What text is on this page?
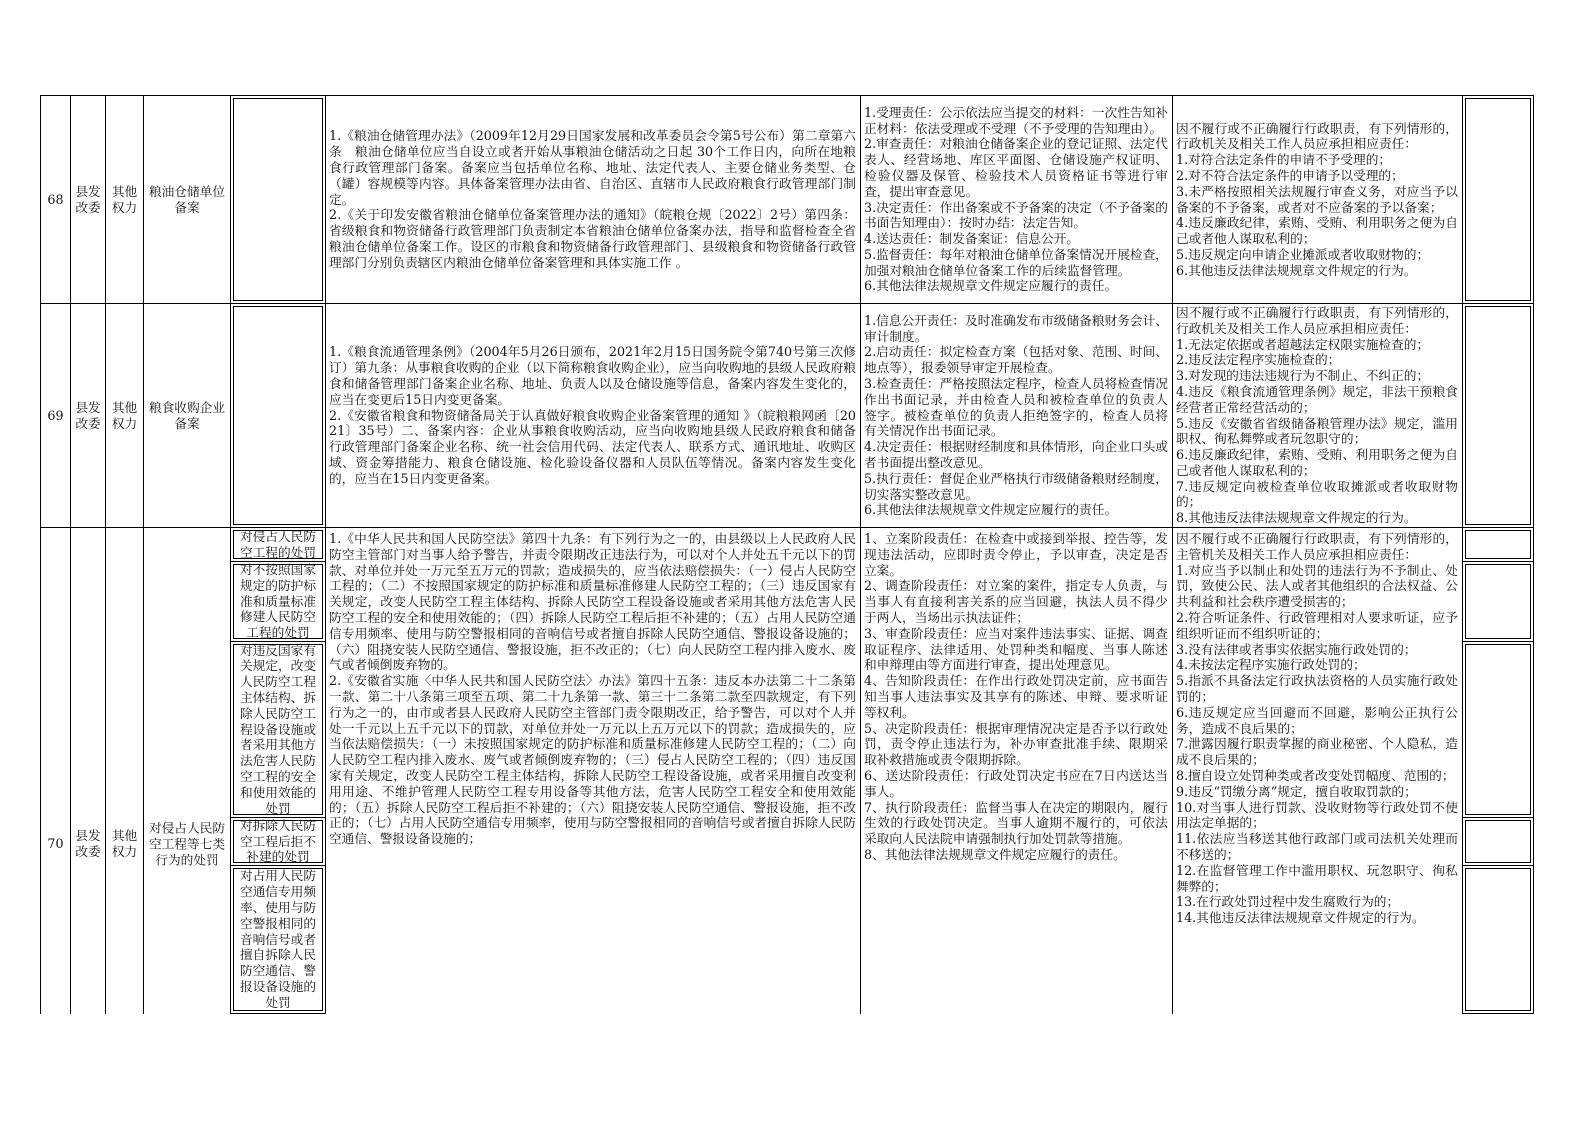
68
县发改委
其他权力
粮油仓储单位备案

1.《粮油仓储管理办法》（2009年12月29日国家发展和改革委员会令第5号公布）第二章第六条　粮油仓储单位应当自设立或者开始从事粮油仓储活动之日起 30个工作日内，向所在地粮食行政管理部门备案。备案应当包括单位名称、地址、法定代表人、主要仓储业务类型、仓（罐）容规模等内容。具体备案管理办法由省、自治区、直辖市人民政府粮食行政管理部门制定。

2.《关于印发安徽省粮油仓储单位备案管理办法的通知》（皖粮仓规〔2022〕2号）第四条：省级粮食和物资储备行政管理部门负责制定本省粮油仓储单位备案办法，指导和监督检查全省粮油仓储单位备案工作。设区的市粮食和物资储备行政管理部门、县级粮食和物资储备行政管理部门分别负责辖区内粮油仓储单位备案管理和具体实施工作 。

1.受理责任：公示依法应当提交的材料：一次性告知补正材料：依法受理或不受理（不予受理的告知理由）。

2.审查责任：对粮油仓储备案企业的登记证照、法定代表人、经营场地、库区平面图、仓储设施产权证明、检验仪器及保管、检验技术人员资格证书等进行审查，提出审查意见。

3.决定责任：作出备案或不予备案的决定（不予备案的书面告知理由）：按时办结：法定告知。

4.送达责任：制发备案证：信息公开。

5.监督责任：每年对粮油仓储单位备案情况开展检查，加强对粮油仓储单位备案工作的后续监督管理。

6.其他法律法规规章文件规定应履行的责任。

因不履行或不正确履行行政职责，有下列情形的，行政机关及相关工作人员应承担相应责任：

1.对符合法定条件的申请不予受理的；

2.对不符合法定条件的申请予以受理的；

3.未严格按照相关法规履行审查义务，对应当予以备案的不予备案，或者对不应备案的予以备案；

4.违反廉政纪律，索贿、受贿、利用职务之便为自己或者他人谋取私利的；

5.违反规定向申请企业摊派或者收取财物的；

6.其他违反法律法规规章文件规定的行为。

69
县发改委
其他权力
粮食收购企业备案

1.《粮食流通管理条例》（2004年5月26日颁布，2021年2月15日国务院令第740号第三次修订）第九条：从事粮食收购的企业（以下简称粮食收购企业），应当向收购地的县级人民政府粮食和储备管理部门备案企业名称、地址、负责人以及仓储设施等信息，备案内容发生变化的，应当在变更后15日内变更备案。

2.《安徽省粮食和物资储备局关于认真做好粮食收购企业备案管理的通知 》（皖粮粮网函〔2021〕35号）二、备案内容：企业从事粮食收购活动，应当向收购地县级人民政府粮食和储备行政管理部门备案企业名称、统一社会信用代码、法定代表人、联系方式、通讯地址、收购区域、资金筹措能力、粮食仓储设施、检化验设备仪器和人员队伍等情况。备案内容发生变化的，应当在15日内变更备案。

1.信息公开责任：及时准确发布市级储备粮财务会计、审计制度。

2.启动责任：拟定检查方案（包括对象、范围、时间、地点等），报委领导审定开展检查。

3.检查责任：严格按照法定程序，检查人员将检查情况作出书面记录，并由检查人员和被检查单位的负责人签字。被检查单位的负责人拒绝签字的，检查人员将有关情况作出书面记录。

4.决定责任：根据财经制度和具体情形，向企业口头或者书面提出整改意见。

5.执行责任：督促企业严格执行市级储备粮财经制度，切实落实整改意见。

6.其他法律法规规章文件规定应履行的责任。

因不履行或不正确履行行政职责，有下列情形的，行政机关及相关工作人员应承担相应责任：

1.无法定依据或者超越法定权限实施检查的；

2.违反法定程序实施检查的；

3.对发现的违法违规行为不制止、不纠正的；

4.违反《粮食流通管理条例》规定，非法干预粮食经营者正常经营活动的；

5.违反《安徽省省级储备粮管理办法》规定，滥用职权、徇私舞弊或者玩忽职守的；

6.违反廉政纪律，索贿、受贿、利用职务之便为自己或者他人谋取私利的；

7.违反规定向被检查单位收取摊派或者收取财物的；

8.其他违反法律法规规章文件规定的行为。

70
县发改委
其他权力
对侵占人民防空工程等七类行为的处罚
对侵占人民防空工程的处罚
对不按照国家规定的防护标准和质量标准修建人民防空工程的处罚
对违反国家有关规定，改变人民防空工程主体结构、拆除人民防空工程设备设施或者采用其他方法危害人民防空工程的安全和使用效能的处罚
对拆除人民防空工程后拒不补建的处罚
对占用人民防空通信专用频率、使用与防空警报相同的音响信号或者擅自拆除人民防空通信、警报设备设施的处罚

1.《中华人民共和国人民防空法》第四十九条：有下列行为之一的，由县级以上人民政府人民防空主管部门对当事人给予警告，并责令限期改正违法行为，可以对个人并处五千元以下的罚款、对单位并处一万元至五万元的罚款；造成损失的，应当依法赔偿损失：（一）侵占人民防空工程的；（二）不按照国家规定的防护标准和质量标准修建人民防空工程的；（三）违反国家有关规定，改变人民防空工程主体结构、拆除人民防空工程设备设施或者采用其他方法危害人民防空工程的安全和使用效能的；（四）拆除人民防空工程后拒不补建的；（五）占用人民防空通信专用频率、使用与防空警报相同的音响信号或者擅自拆除人民防空通信、警报设备设施的；（六）阻挠安装人民防空通信、警报设施，拒不改正的；（七）向人民防空工程内排入废水、废气或者倾倒废弃物的。

2.《安徽省实施〈中华人民共和国人民防空法〉办法》第四十五条：违反本办法第二十二条第一款、第二十八条第三项至五项、第二十九条第一款、第三十二条第二款至四款规定，有下列行为之一的，由市或者县人民政府人民防空主管部门责令限期改正，给予警告，可以对个人并处一千元以上五千元以下的罚款，对单位并处一万元以上五万元以下的罚款；造成损失的，应当依法赔偿损失：（一）未按照国家规定的防护标准和质量标准修建人民防空工程的；（二）向人民防空工程内排入废水、废气或者倾倒废弃物的；（三）侵占人民防空工程的；（四）违反国家有关规定，改变人民防空工程主体结构，拆除人民防空工程设备设施，或者采用擅自改变利用用途、不维护管理人民防空工程专用设备等其他方法，危害人民防空工程安全和使用效能的；（五）拆除人民防空工程后拒不补建的；（六）阻挠安装人民防空通信、警报设施，拒不改正的；（七）占用人民防空通信专用频率，使用与防空警报相同的音响信号或者擅自拆除人民防空通信、警报设备设施的；

1、立案阶段责任：在检查中或接到举报、控告等，发现违法活动，应即时责令停止，予以审查，决定是否立案。

2、调查阶段责任：对立案的案件，指定专人负责，与当事人有直接利害关系的应当回避，执法人员不得少于两人，当场出示执法证件；

3、审查阶段责任：应当对案件违法事实、证据、调查取证程序、法律适用、处罚种类和幅度、当事人陈述和申辩理由等方面进行审查，提出处理意见。

4、告知阶段责任：在作出行政处罚决定前，应书面告知当事人违法事实及其享有的陈述、申辩、要求听证等权利。

5、决定阶段责任：根据审理情况决定是否予以行政处罚，责令停止违法行为，补办审查批准手续、限期采取补救措施或责令限期拆除。

6、送达阶段责任：行政处罚决定书应在7日内送达当事人。

7、执行阶段责任：监督当事人在决定的期限内，履行生效的行政处罚决定。当事人逾期不履行的，可依法采取向人民法院申请强制执行加处罚款等措施。

8、其他法律法规规章文件规定应履行的责任。

因不履行或不正确履行行政职责，有下列情形的，主管机关及相关工作人员应承担相应责任：

1.对应当予以制止和处罚的违法行为不予制止、处罚，致使公民、法人或者其他组织的合法权益、公共利益和社会秩序遭受损害的；

2.符合听证条件、行政管理相对人要求听证，应予组织听证而不组织听证的；

3.没有法律或者事实依据实施行政处罚的；

4.未按法定程序实施行政处罚的；

5.指派不具备法定行政执法资格的人员实施行政处罚的；

6.违反规定应当回避而不回避，影响公正执行公务，造成不良后果的；

7.泄露因履行职责掌握的商业秘密、个人隐私，造成不良后果的；

8.擅自设立处罚种类或者改变处罚幅度、范围的；

9.违反“罚缴分离”规定，擅自收取罚款的；

10.对当事人进行罚款、没收财物等行政处罚不使用法定单据的；

11.依法应当移送其他行政部门或司法机关处理而不移送的；

12.在监督管理工作中滥用职权、玩忽职守、徇私舞弊的；

13.在行政处罚过程中发生腐败行为的；

14.其他违反法律法规规章文件规定的行为。
